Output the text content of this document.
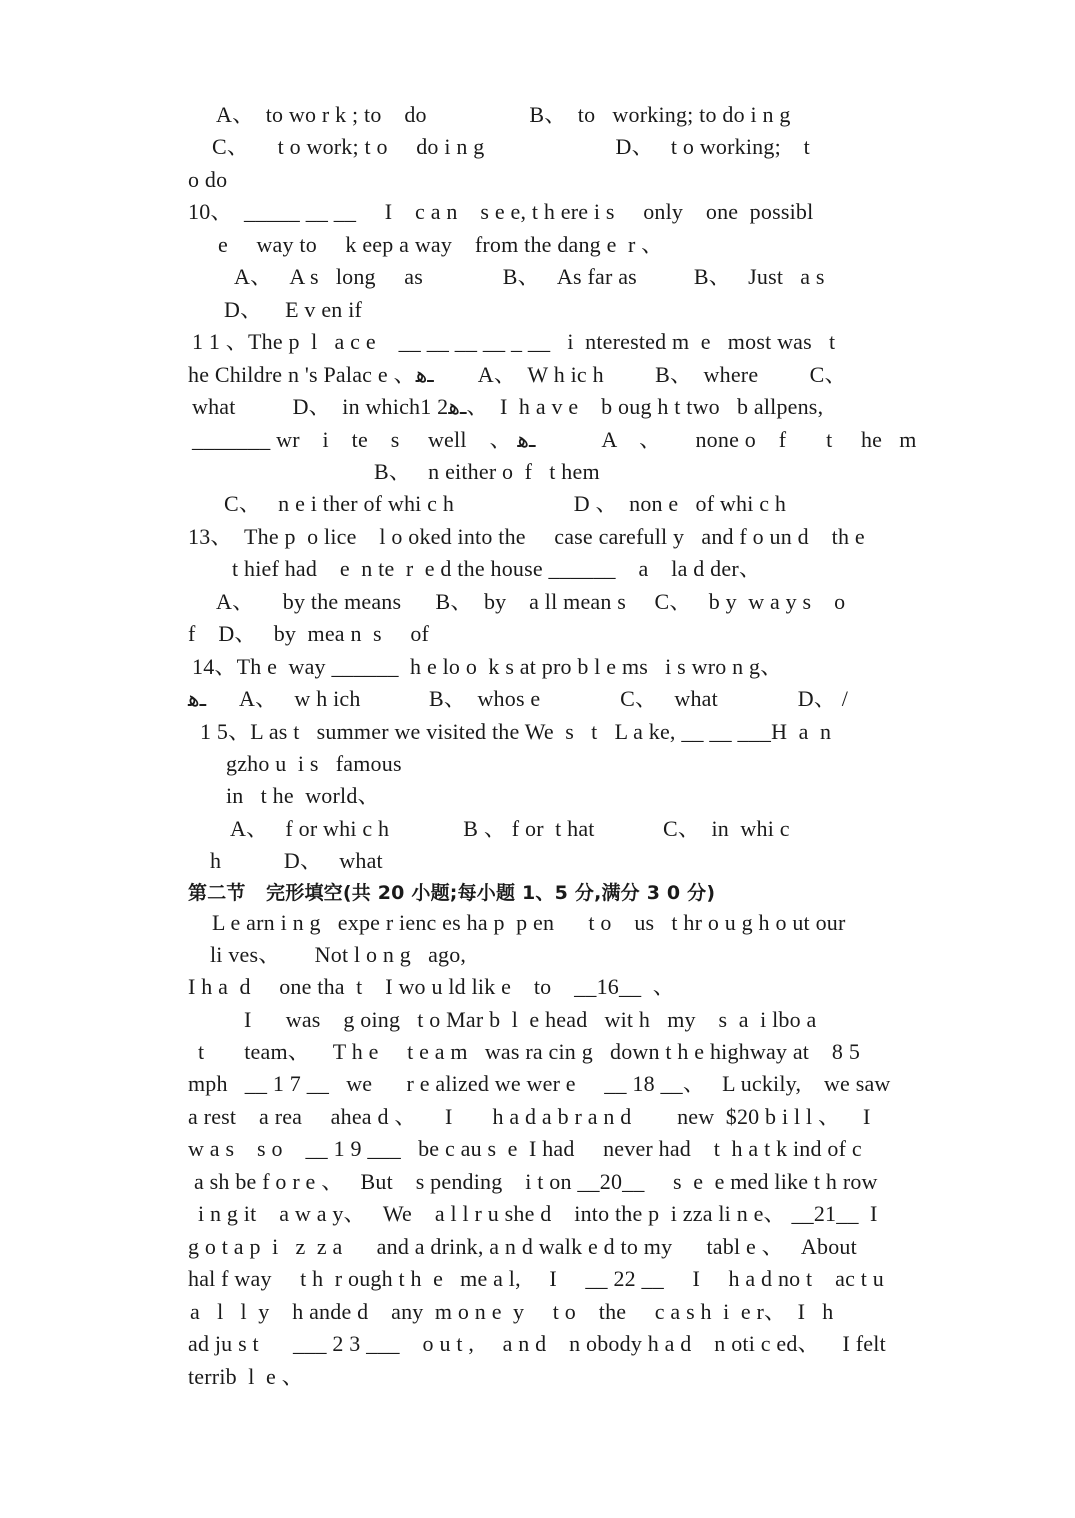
A、  to wo r k ; to    do                  B、  to   working; to do i n g
C、     t o work; t o     do i n g                       D、   t o working;    t
o do
10、  _____ __ __     I    c a n    s e e, t h ere i s     only    one  possibl
e     way to     k eep a way    from the dang e  r 、
A、   A s   long     as              B、   As far as          B、   Just   a s
D、    E v en if
1 1 、The p  l   a c e    __ __ __ __ _ __   i  nterested m  e   most was   t
he Childre n 's Palac e 、ـﻫ        A、  W h ic h         B、  where         C、
what          D、  in which1 2ـﻫ、  I  h a v e    b oug h t two   b allpens,
_______ wr    i    te    s     well    、 ـﻫ            A    、      none o    f       t     he   m
B、   n either o  f   t hem
C、   n e i ther of whi c h                     D 、  non e   of whi c h
13、  The p  o lice    l o oked into the     case carefull y   and f o un d    th e
t hief had    e  n te  r  e d the house ______    a    la d der、
A、     by the means      B、  by    a ll mean s     C、   b y  w a y s    o
f    D、   by  mea n  s     of
14、Th e  way ______  h e lo o  k s at pro b l e ms   i s wro n g、
ـﻫ      A、   w h ich            B、  whos e              C、   what              D、 /
1 5、L as t   summer we visited the We  s   t   L a ke, __ __ ___H  a  n
gzho u  i s   famous
in   t he  world、
A、   f or whi c h             B 、 f or  t hat            C、  in  whi c
h           D、   what
第二节   完形填空(共 20 小题;每小题 1、5 分,满分 3 0 分)
L e arn i n g   expe r ienc es ha p  p en      t o    us   t hr o u g h o ut our
li ves、      Not l o n g   ago,
I h a  d     one tha  t    I wo u ld lik e    to    __16__  、
I      was    g oing   t o Mar b  l  e head   wit h   my    s  a  i lbo a
t       team、    T h e     t e a m   was ra cin g   down t h e highway at    8 5
mph   __ 1 7 __   we      r e alized we wer e     __ 18 __、   L uckily,    we saw
a rest    a rea     ahea d 、     I       h a d a b r a n d        new  $20 b i l l 、    I
w a s    s o    __ 1 9 ___   be c au s  e  I had     never had    t  h a t k ind of c
a sh be f o r e 、   But    s pending    i t on __20__     s  e  e med like t h row
i n g it    a w a y、   We    a l l r u she d    into the p  i zza li n e、 __21__  I
g o t a p  i   z  z a      and a drink, a n d walk e d to my      tabl e 、   About
hal f way     t h  r ough t h  e   me a l,     I     __ 22 __     I     h a d no t    ac t u
a   l   l  y    h ande d    any  m o n e  y     t o    the     c a s h  i  e r、  I   h
ad ju s t      ___ 2 3 ___    o u t ,     a n d    n obody h a d    n oti c ed、    I felt
terrib  l  e 、
